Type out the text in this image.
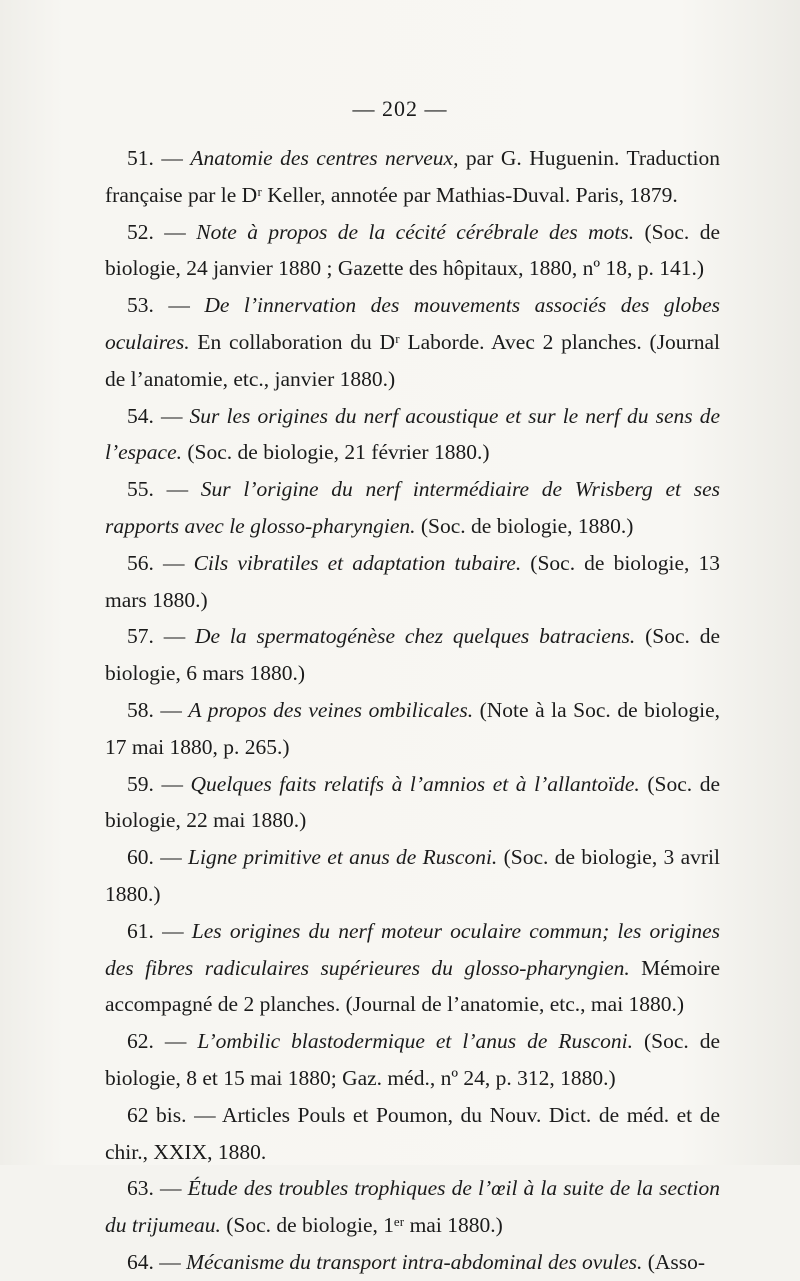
— 202 —

51. — Anatomie des centres nerveux, par G. Huguenin. Traduction française par le Dʳ Keller, annotée par Mathias-Duval. Paris, 1879.

52. — Note à propos de la cécité cérébrale des mots. (Soc. de biologie, 24 janvier 1880 ; Gazette des hôpitaux, 1880, nº 18, p. 141.)

53. — De l’innervation des mouvements associés des globes oculaires. En collaboration du Dʳ Laborde. Avec 2 planches. (Journal de l’anatomie, etc., janvier 1880.)

54. — Sur les origines du nerf acoustique et sur le nerf du sens de l’espace. (Soc. de biologie, 21 février 1880.)

55. — Sur l’origine du nerf intermédiaire de Wrisberg et ses rapports avec le glosso-pharyngien. (Soc. de biologie, 1880.)

56. — Cils vibratiles et adaptation tubaire. (Soc. de biologie, 13 mars 1880.)

57. — De la spermatogénèse chez quelques batraciens. (Soc. de biologie, 6 mars 1880.)

58. — A propos des veines ombilicales. (Note à la Soc. de biologie, 17 mai 1880, p. 265.)

59. — Quelques faits relatifs à l’amnios et à l’allantoïde. (Soc. de biologie, 22 mai 1880.)

60. — Ligne primitive et anus de Rusconi. (Soc. de biologie, 3 avril 1880.)

61. — Les origines du nerf moteur oculaire commun; les origines des fibres radiculaires supérieures du glosso-pharyngien. Mémoire accompagné de 2 planches. (Journal de l’anatomie, etc., mai 1880.)

62. — L’ombilic blastodermique et l’anus de Rusconi. (Soc. de biologie, 8 et 15 mai 1880; Gaz. méd., nº 24, p. 312, 1880.)

62 bis. — Articles Pouls et Poumon, du Nouv. Dict. de méd. et de chir., XXIX, 1880.

63. — Étude des troubles trophiques de l’œil à la suite de la section du trijumeau. (Soc. de biologie, 1ᵉʳ mai 1880.)

64. — Mécanisme du transport intra-abdominal des ovules. (Asso-
